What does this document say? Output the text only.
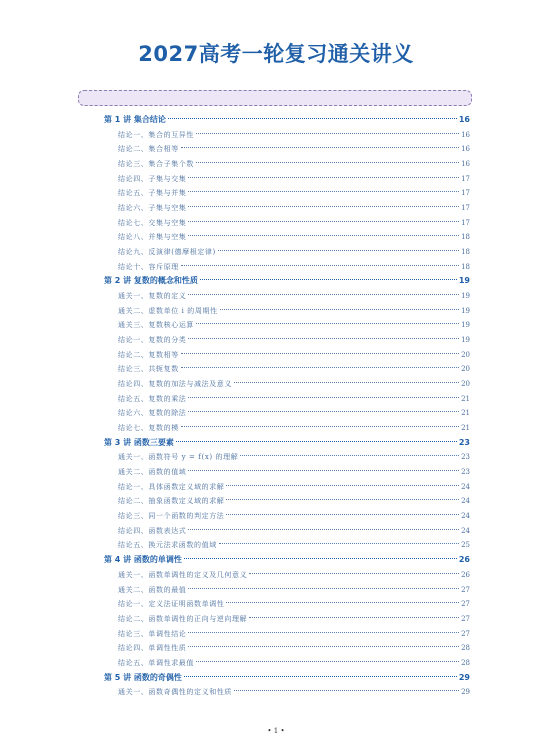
2027高考一轮复习通关讲义
第 1 讲 集合结论	16
结论一、集合的互异性	16
结论二、集合相等	16
结论三、集合子集个数	16
结论四、子集与交集	17
结论五、子集与并集	17
结论六、子集与空集	17
结论七、交集与空集	17
结论八、并集与空集	18
结论九、反演律(德摩根定律)	18
结论十、容斥原理	18
第 2 讲 复数的概念和性质	19
通关一、复数的定义	19
通关二、虚数单位 i 的周期性	19
通关三、复数核心运算	19
结论一、复数的分类	19
结论二、复数相等	20
结论三、共轭复数	20
结论四、复数的加法与减法及意义	20
结论五、复数的乘法	21
结论六、复数的除法	21
结论七、复数的模	21
第 3 讲 函数三要素	23
通关一、函数符号 y = f(x) 的理解	23
通关二、函数的值域	23
结论一、具体函数定义域的求解	24
结论二、抽象函数定义域的求解	24
结论三、同一个函数的判定方法	24
结论四、函数表达式	24
结论五、换元法求函数的值域	25
第 4 讲 函数的单调性	26
通关一、函数单调性的定义及几何意义	26
通关二、函数的最值	27
结论一、定义法证明函数单调性	27
结论二、函数单调性的正向与逆向理解	27
结论三、单调性结论	27
结论四、单调性性质	28
结论五、单调性求最值	28
第 5 讲 函数的奇偶性	29
通关一、函数奇偶性的定义和性质	29
• 1 •
